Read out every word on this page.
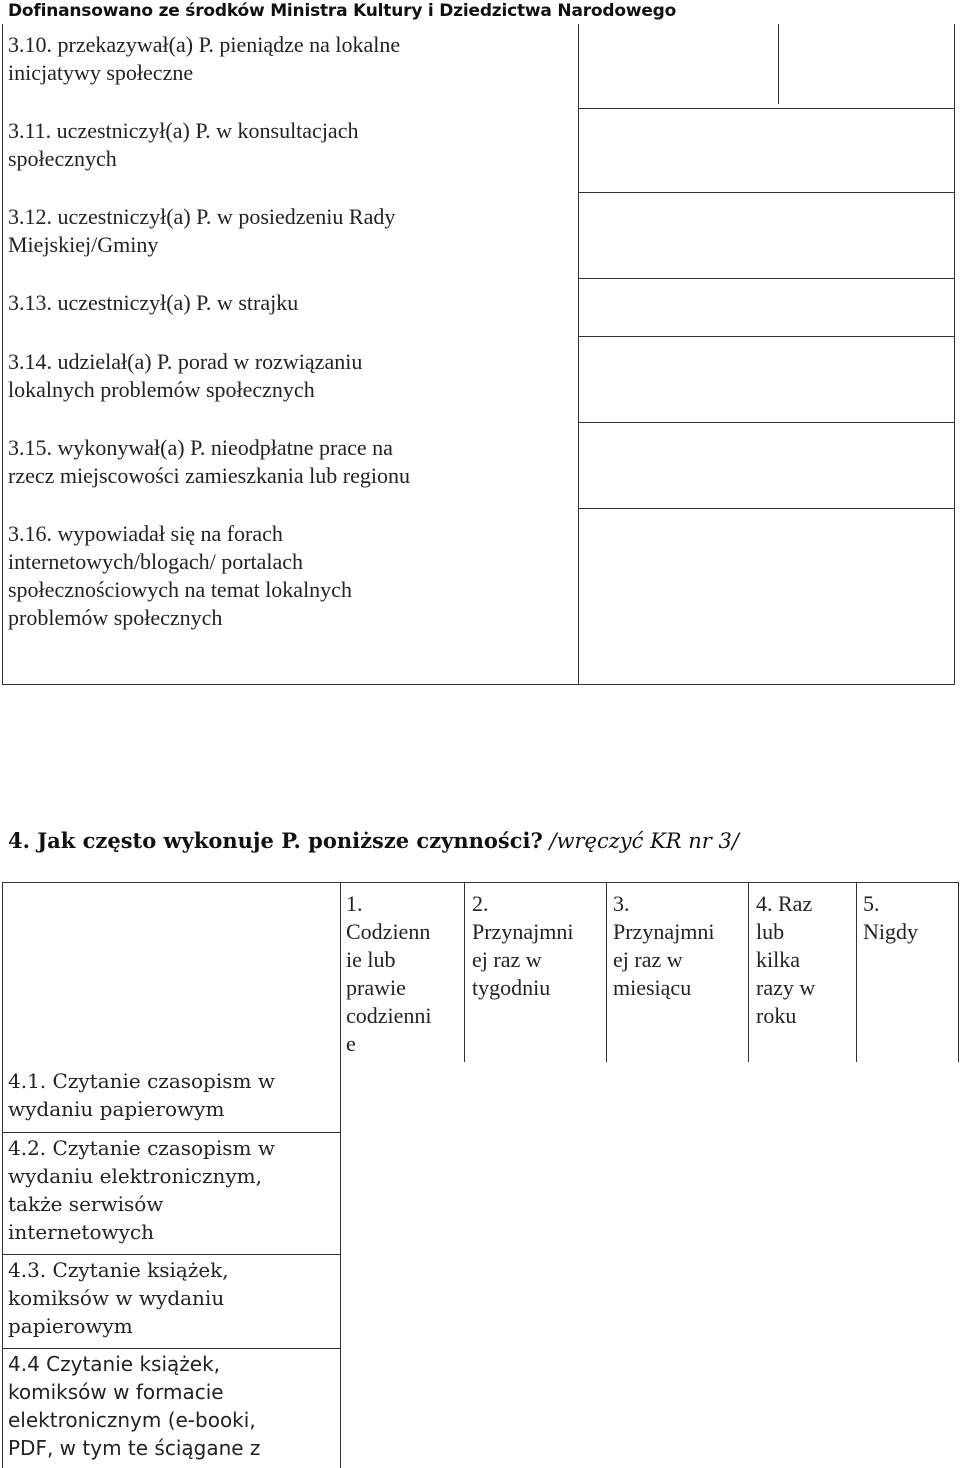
Dofinansowano ze środków Ministra Kultury i Dziedzictwa Narodowego
3.10. przekazywał(a) P. pieniądze na lokalne
inicjatywy społeczne
3.11. uczestniczył(a) P. w konsultacjach
społecznych
3.12. uczestniczył(a) P. w posiedzeniu Rady
Miejskiej/Gminy
3.13. uczestniczył(a) P. w strajku
3.14. udzielał(a) P. porad w rozwiązaniu
lokalnych problemów społecznych
3.15. wykonywał(a) P. nieodpłatne prace na
rzecz miejscowości zamieszkania lub regionu
3.16. wypowiadał się na forach
internetowych/blogach/ portalach
społecznościowych na temat lokalnych
problemów społecznych
4. Jak często wykonuje P. poniższe czynności? /wręczyć KR nr 3/
1.
Codzienn
ie lub
prawie
codzienni
e
2.
Przynajmni
ej raz w
tygodniu
3.
Przynajmni
ej raz w
miesiącu
4. Raz
lub
kilka
razy w
roku
5.
Nigdy
4.1. Czytanie czasopism w
wydaniu papierowym
4.2. Czytanie czasopism w
wydaniu elektronicznym,
także serwisów
internetowych
4.3. Czytanie książek,
komiksów w wydaniu
papierowym
4.4 Czytanie książek,
komiksów w formacie
elektronicznym (e-booki,
PDF, w tym te ściągane z
